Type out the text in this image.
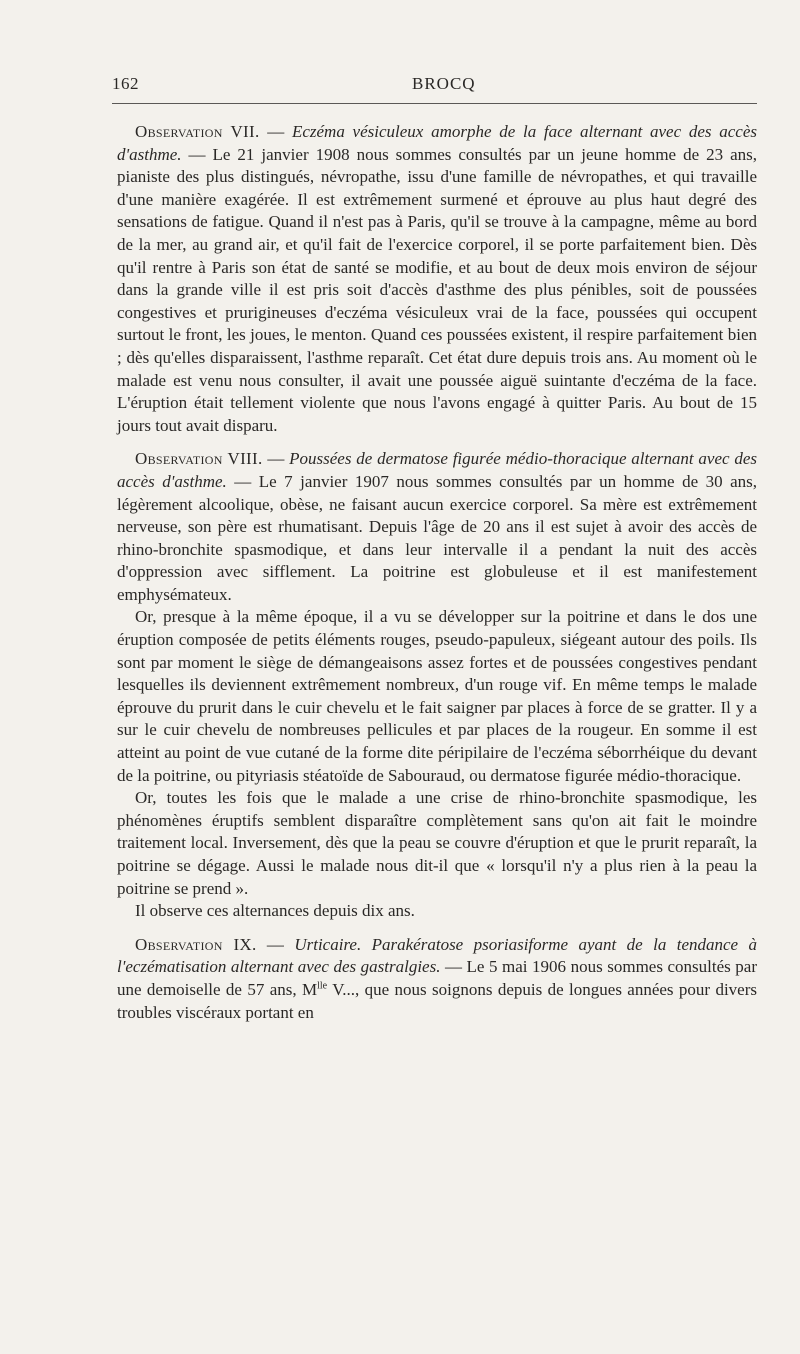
162	BROCQ

Observation VII. — Eczéma vésiculeux amorphe de la face alternant avec des accès d'asthme. — Le 21 janvier 1908 nous sommes consultés par un jeune homme de 23 ans, pianiste des plus distingués, névropathe, issu d'une famille de névropathes, et qui travaille d'une manière exagérée. Il est extrêmement surmené et éprouve au plus haut degré des sensations de fatigue. Quand il n'est pas à Paris, qu'il se trouve à la campagne, même au bord de la mer, au grand air, et qu'il fait de l'exercice corporel, il se porte parfaitement bien. Dès qu'il rentre à Paris son état de santé se modifie, et au bout de deux mois environ de séjour dans la grande ville il est pris soit d'accès d'asthme des plus pénibles, soit de poussées congestives et prurigineuses d'eczéma vésiculeux vrai de la face, poussées qui occupent surtout le front, les joues, le menton. Quand ces poussées existent, il respire parfaitement bien ; dès qu'elles disparaissent, l'asthme reparaît. Cet état dure depuis trois ans. Au moment où le malade est venu nous consulter, il avait une poussée aiguë suintante d'eczéma de la face. L'éruption était tellement violente que nous l'avons engagé à quitter Paris. Au bout de 15 jours tout avait disparu.

Observation VIII. — Poussées de dermatose figurée médio-thoracique alternant avec des accès d'asthme. — Le 7 janvier 1907 nous sommes consultés par un homme de 30 ans, légèrement alcoolique, obèse, ne faisant aucun exercice corporel. Sa mère est extrêmement nerveuse, son père est rhumatisant. Depuis l'âge de 20 ans il est sujet à avoir des accès de rhino-bronchite spasmodique, et dans leur intervalle il a pendant la nuit des accès d'oppression avec sifflement. La poitrine est globuleuse et il est manifestement emphysémateux.

Or, presque à la même époque, il a vu se développer sur la poitrine et dans le dos une éruption composée de petits éléments rouges, pseudo-papuleux, siégeant autour des poils. Ils sont par moment le siège de démangeaisons assez fortes et de poussées congestives pendant lesquelles ils deviennent extrêmement nombreux, d'un rouge vif. En même temps le malade éprouve du prurit dans le cuir chevelu et le fait saigner par places à force de se gratter. Il y a sur le cuir chevelu de nombreuses pellicules et par places de la rougeur. En somme il est atteint au point de vue cutané de la forme dite péripilaire de l'eczéma séborrhéique du devant de la poitrine, ou pityriasis stéatoïde de Sabouraud, ou dermatose figurée médio-thoracique.

Or, toutes les fois que le malade a une crise de rhino-bronchite spasmodique, les phénomènes éruptifs semblent disparaître complètement sans qu'on ait fait le moindre traitement local. Inversement, dès que la peau se couvre d'éruption et que le prurit reparaît, la poitrine se dégage. Aussi le malade nous dit-il que « lorsqu'il n'y a plus rien à la peau la poitrine se prend ».

Il observe ces alternances depuis dix ans.

Observation IX. — Urticaire. Parakératose psoriasiforme ayant de la tendance à l'eczématisation alternant avec des gastralgies. — Le 5 mai 1906 nous sommes consultés par une demoiselle de 57 ans, $M^{lle}$ V..., que nous soignons depuis de longues années pour divers troubles viscéraux portant en
